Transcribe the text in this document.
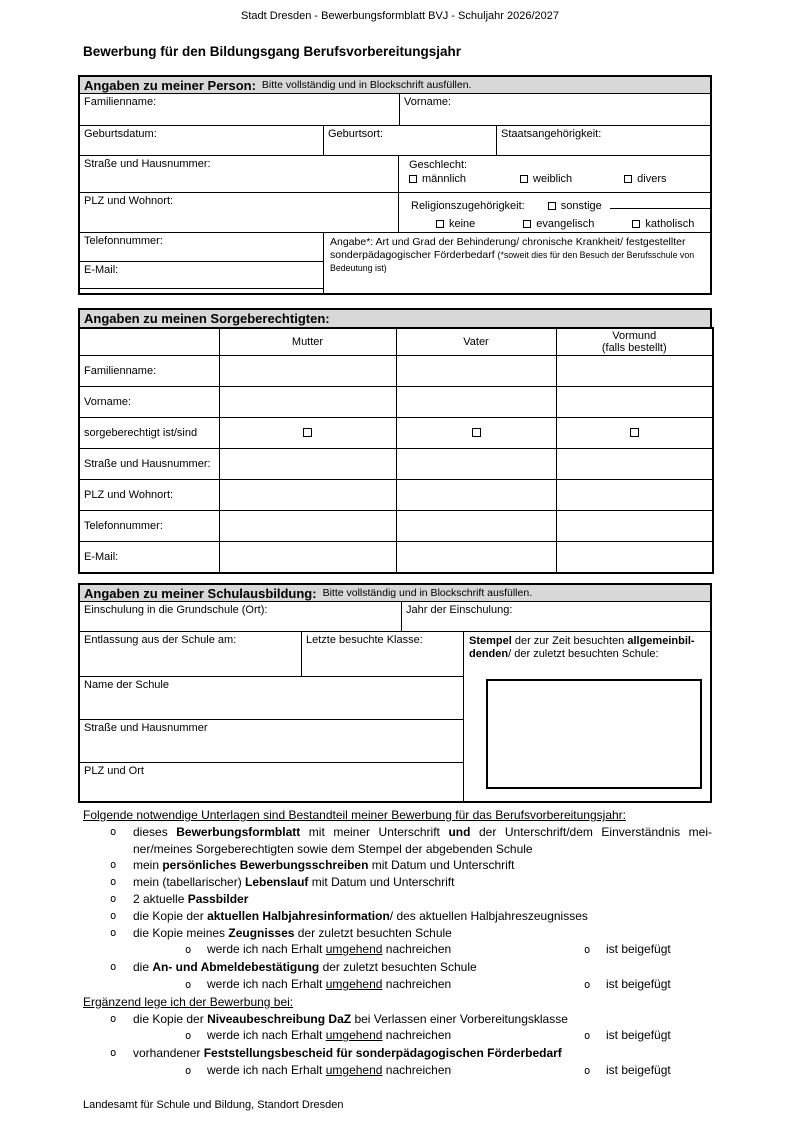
Stadt Dresden - Bewerbungsformblatt BVJ - Schuljahr 2026/2027
Bewerbung für den Bildungsgang Berufsvorbereitungsjahr
Angaben zu meiner Person: Bitte vollständig und in Blockschrift ausfüllen.
Familienname:	Vorname:
Geburtsdatum:	Geburtsort:	Staatsangehörigkeit:
Straße und Hausnummer:	Geschlecht:
männlich	weiblich	divers
PLZ und Wohnort:	Religionszugehörigkeit:	sonstige
keine	evangelisch	katholisch
Telefonnummer:
E-Mail:
Angabe*: Art und Grad der Behinderung/ chronische Krankheit/ festgestellter sonderpädagogischer Förderbedarf (*soweit dies für den Besuch der Berufsschule von Bedeutung ist)
Angaben zu meinen Sorgeberechtigten:
	Mutter	Vater	Vormund
(falls bestellt)

Familienname:			
Vorname:			
sorgeberechtigt ist/sind			
Straße und Hausnummer:			
PLZ und Wohnort:			
Telefonnummer:			
E-Mail:			
Angaben zu meiner Schulausbildung: Bitte vollständig und in Blockschrift ausfüllen.
Einschulung in die Grundschule (Ort):	Jahr der Einschulung:
Entlassung aus der Schule am:	Letzte besuchte Klasse:
Name der Schule
Straße und Hausnummer
PLZ und Ort
Stempel der zur Zeit besuchten allgemeinbil-
denden/ der zuletzt besuchten Schule:
Folgende notwendige Unterlagen sind Bestandteil meiner Bewerbung für das Berufsvorbereitungsjahr:
o	dieses Bewerbungsformblatt mit meiner Unterschrift und der Unterschrift/dem Einverständnis meiner/meines Sorgeberechtigten sowie dem Stempel der abgebenden Schule
o	mein persönliches Bewerbungsschreiben mit Datum und Unterschrift
o	mein (tabellarischer) Lebenslauf mit Datum und Unterschrift
o	2 aktuelle Passbilder
o	die Kopie der aktuellen Halbjahresinformation/ des aktuellen Halbjahreszeugnisses
o	die Kopie meines Zeugnisses der zuletzt besuchten Schule
o	werde ich nach Erhalt umgehend nachreichen	o	ist beigefügt
o	die An- und Abmeldebestätigung der zuletzt besuchten Schule
o	werde ich nach Erhalt umgehend nachreichen	o	ist beigefügt
Ergänzend lege ich der Bewerbung bei:
o	die Kopie der Niveaubeschreibung DaZ bei Verlassen einer Vorbereitungsklasse
o	werde ich nach Erhalt umgehend nachreichen	o	ist beigefügt
o	vorhandener Feststellungsbescheid für sonderpädagogischen Förderbedarf
o	werde ich nach Erhalt umgehend nachreichen	o	ist beigefügt
Landesamt für Schule und Bildung, Standort Dresden
